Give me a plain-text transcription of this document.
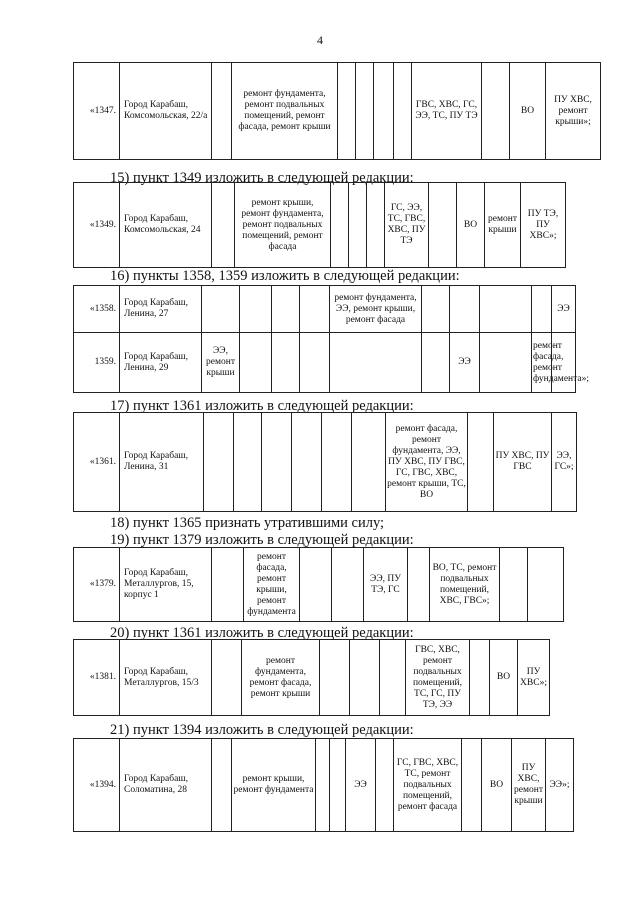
4
«1347.	Город Карабаш, Комсомольская, 22/а		ремонт фундамента, ремонт подвальных помещений, ремонт фасада, ремонт крыши					ГВС, ХВС, ГС, ЭЭ, ТС, ПУ ТЭ		ВО	ПУ ХВС, ремонт крыши»;
15) пункт 1349 изложить в следующей редакции:
«1349.	Город Карабаш, Комсомольская, 24		ремонт крыши, ремонт фундамента, ремонт подвальных помещений, ремонт фасада				ГС, ЭЭ, ТС, ГВС, ХВС, ПУ ТЭ		ВО	ремонт крыши	ПУ ТЭ, ПУ ХВС»;
16) пункты 1358, 1359 изложить в следующей редакции:
«1358.	Город Карабаш, Ленина, 27					ремонт фундамента, ЭЭ, ремонт крыши, ремонт фасада					ЭЭ	
1359.	Город Карабаш, Ленина, 29	ЭЭ, ремонт крыши						ЭЭ		ремонт фасада, ремонт фундамента»;		
17) пункт 1361 изложить в следующей редакции:
«1361.	Город Карабаш, Ленина, 31							ремонт фасада, ремонт фундамента, ЭЭ, ПУ ХВС, ПУ ГВС, ГС, ГВС, ХВС, ремонт крыши, ТС, ВО		ПУ ХВС, ПУ ГВС	ЭЭ, ГС»;
18) пункт 1365 признать утратившими силу;
19) пункт 1379 изложить в следующей редакции:
«1379.	Город Карабаш, Металлургов, 15, корпус 1		ремонт фасада, ремонт крыши, ремонт фундамента			ЭЭ, ПУ ТЭ, ГС		ВО, ТС, ремонт подвальных помещений, ХВС, ГВС»;		
20) пункт 1361 изложить в следующей редакции:
«1381.	Город Карабаш, Металлургов, 15/3		ремонт фундамента, ремонт фасада, ремонт крыши				ГВС, ХВС, ремонт подвальных помещений, ТС, ГС, ПУ ТЭ, ЭЭ		ВО	ПУ ХВС»;
21) пункт 1394 изложить в следующей редакции:
«1394.	Город Карабаш, Соломатина, 28		ремонт крыши, ремонт фундамента			ЭЭ		ГС, ГВС, ХВС, ТС, ремонт подвальных помещений, ремонт фасада		ВО	ПУ ХВС, ремонт крыши	ЭЭ»;
